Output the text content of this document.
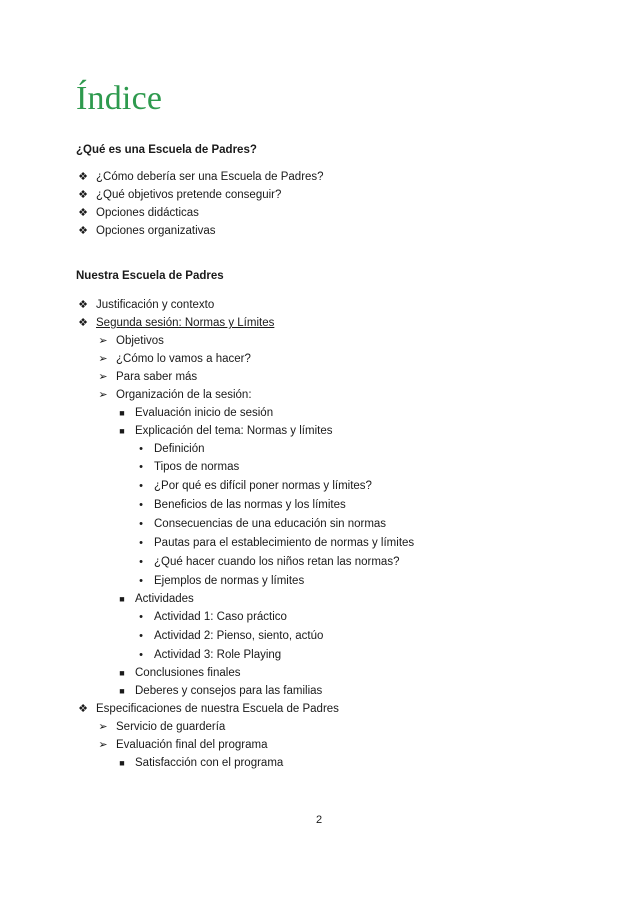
Índice
¿Qué es una Escuela de Padres?
❖ ¿Cómo debería ser una Escuela de Padres?
❖ ¿Qué objetivos pretende conseguir?
❖ Opciones didácticas
❖ Opciones organizativas
Nuestra Escuela de Padres
❖ Justificación y contexto
❖ Segunda sesión: Normas y Límites
➢ Objetivos
➢ ¿Cómo lo vamos a hacer?
➢ Para saber más
➢ Organización de la sesión:
■ Evaluación inicio de sesión
■ Explicación del tema: Normas y límites
• Definición
• Tipos de normas
• ¿Por qué es difícil poner normas y límites?
• Beneficios de las normas y los límites
• Consecuencias de una educación sin normas
• Pautas para el establecimiento de normas y límites
• ¿Qué hacer cuando los niños retan las normas?
• Ejemplos de normas y límites
■ Actividades
• Actividad 1: Caso práctico
• Actividad 2: Pienso, siento, actúo
• Actividad 3: Role Playing
■ Conclusiones finales
■ Deberes y consejos para las familias
❖ Especificaciones de nuestra Escuela de Padres
➢ Servicio de guardería
➢ Evaluación final del programa
■ Satisfacción con el programa
2
